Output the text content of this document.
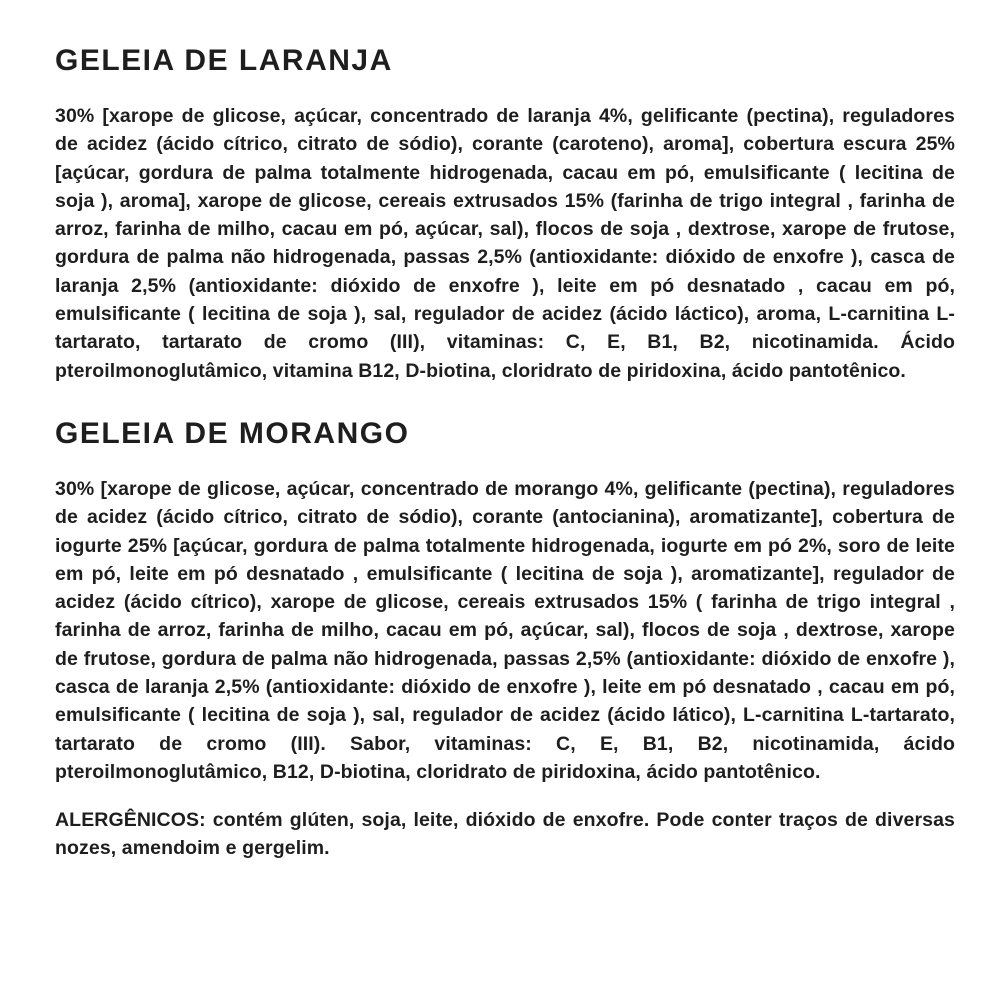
GELEIA DE LARANJA

30% [xarope de glicose, açúcar, concentrado de laranja 4%, gelificante (pectina), reguladores de acidez (ácido cítrico, citrato de sódio), corante (caroteno), aroma], cobertura escura 25% [açúcar, gordura de palma totalmente hidrogenada, cacau em pó, emulsificante ( lecitina de soja ), aroma], xarope de glicose, cereais extrusados 15% (farinha de trigo integral , farinha de arroz, farinha de milho, cacau em pó, açúcar, sal), flocos de soja , dextrose, xarope de frutose, gordura de palma não hidrogenada, passas 2,5% (antioxidante: dióxido de enxofre ), casca de laranja 2,5% (antioxidante: dióxido de enxofre ), leite em pó desnatado , cacau em pó, emulsificante ( lecitina de soja ), sal, regulador de acidez (ácido láctico), aroma, L-carnitina L-tartarato, tartarato de cromo (III), vitaminas: C, E, B1, B2, nicotinamida. Ácido pteroilmonoglutâmico, vitamina B12, D-biotina, cloridrato de piridoxina, ácido pantotênico.

GELEIA DE MORANGO

30% [xarope de glicose, açúcar, concentrado de morango 4%, gelificante (pectina), reguladores de acidez (ácido cítrico, citrato de sódio), corante (antocianina), aromatizante], cobertura de iogurte 25% [açúcar, gordura de palma totalmente hidrogenada, iogurte em pó 2%, soro de leite em pó, leite em pó desnatado , emulsificante ( lecitina de soja ), aromatizante], regulador de acidez (ácido cítrico), xarope de glicose, cereais extrusados 15% ( farinha de trigo integral , farinha de arroz, farinha de milho, cacau em pó, açúcar, sal), flocos de soja , dextrose, xarope de frutose, gordura de palma não hidrogenada, passas 2,5% (antioxidante: dióxido de enxofre ), casca de laranja 2,5% (antioxidante: dióxido de enxofre ), leite em pó desnatado , cacau em pó, emulsificante ( lecitina de soja ), sal, regulador de acidez (ácido lático), L-carnitina L-tartarato, tartarato de cromo (III). Sabor, vitaminas: C, E, B1, B2, nicotinamida, ácido pteroilmonoglutâmico, B12, D-biotina, cloridrato de piridoxina, ácido pantotênico.

ALERGÊNICOS: contém glúten, soja, leite, dióxido de enxofre. Pode conter traços de diversas nozes, amendoim e gergelim.
